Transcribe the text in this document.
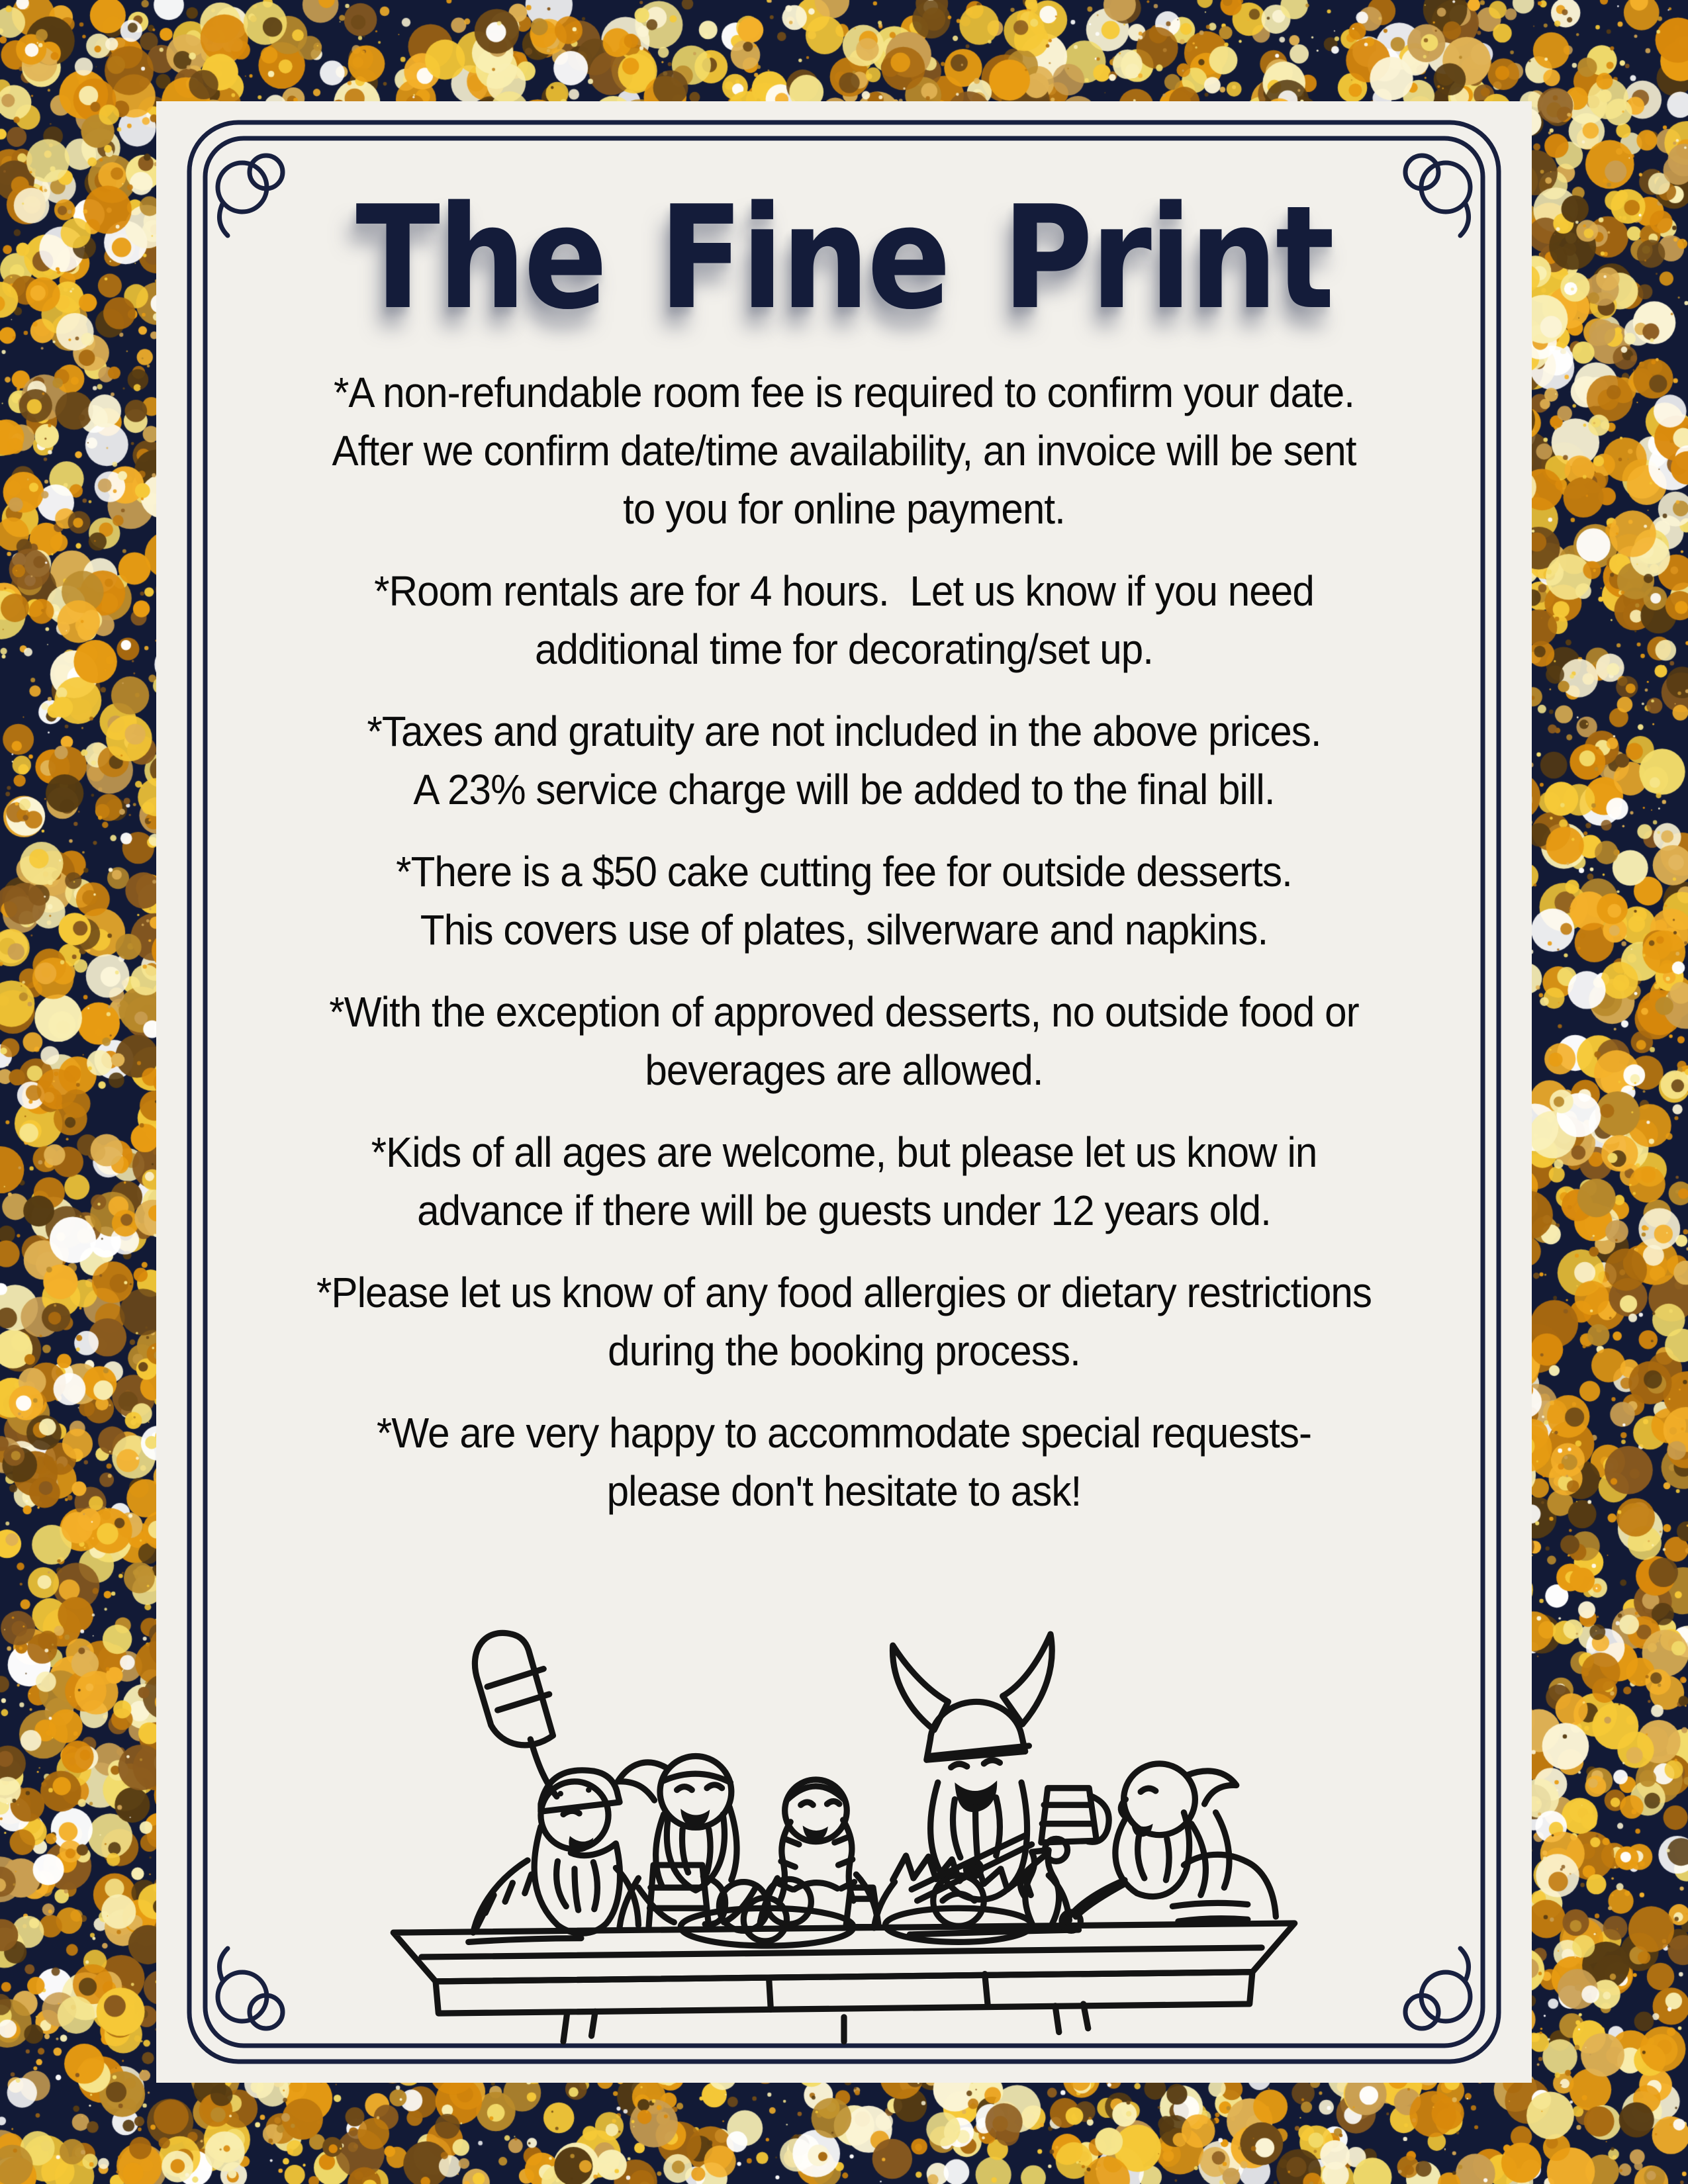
The Fine Print
*A non-refundable room fee is required to confirm your date.
After we confirm date/time availability, an invoice will be sent
to you for online payment.
*Room rentals are for 4 hours.  Let us know if you need
additional time for decorating/set up.
*Taxes and gratuity are not included in the above prices.
A 23% service charge will be added to the final bill.
*There is a $50 cake cutting fee for outside desserts.
This covers use of plates, silverware and napkins.
*With the exception of approved desserts, no outside food or
beverages are allowed.
*Kids of all ages are welcome, but please let us know in
advance if there will be guests under 12 years old.
*Please let us know of any food allergies or dietary restrictions
during the booking process.
*We are very happy to accommodate special requests-
please don't hesitate to ask!
